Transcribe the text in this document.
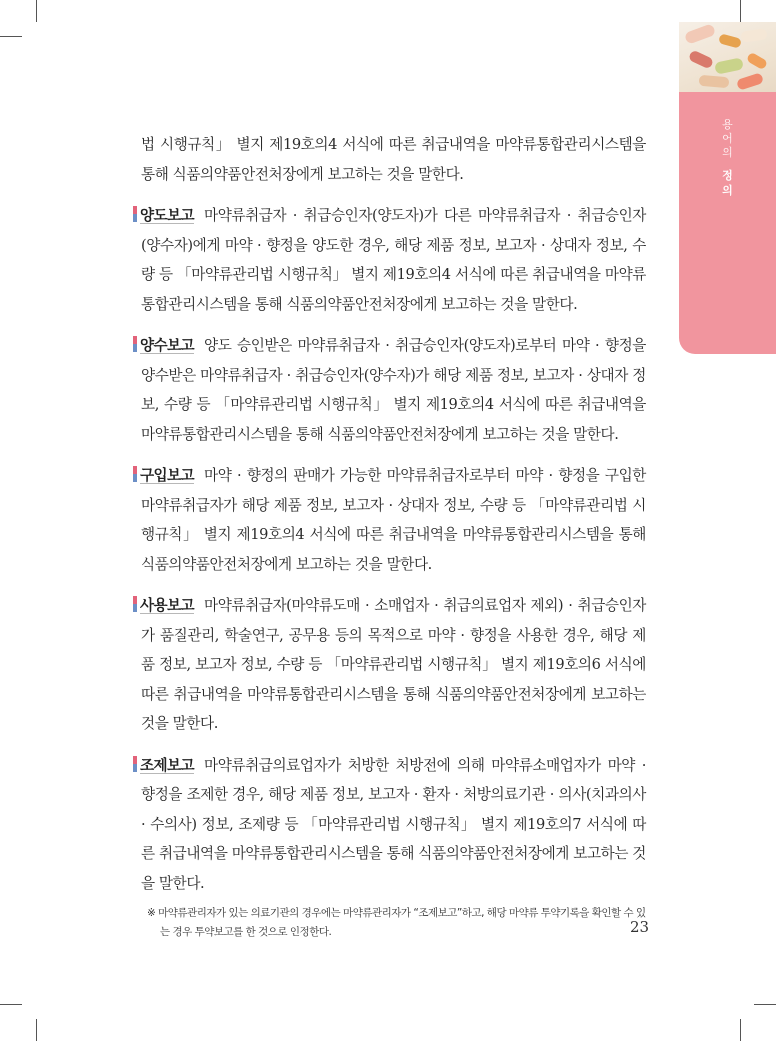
용
어
의
정
의

법 시행규칙」 별지 제19호의4 서식에 따른 취급내역을 마약류통합관리시스템을 통해 식품의약품안전처장에게 보고하는 것을 말한다.

양도보고 마약류취급자 · 취급승인자(양도자)가 다른 마약류취급자 · 취급승인자(양수자)에게 마약 · 향정을 양도한 경우, 해당 제품 정보, 보고자 · 상대자 정보, 수량 등 「마약류관리법 시행규칙」 별지 제19호의4 서식에 따른 취급내역을 마약류통합관리시스템을 통해 식품의약품안전처장에게 보고하는 것을 말한다.

양수보고 양도 승인받은 마약류취급자 · 취급승인자(양도자)로부터 마약 · 향정을 양수받은 마약류취급자 · 취급승인자(양수자)가 해당 제품 정보, 보고자 · 상대자 정보, 수량 등 「마약류관리법 시행규칙」 별지 제19호의4 서식에 따른 취급내역을 마약류통합관리시스템을 통해 식품의약품안전처장에게 보고하는 것을 말한다.

구입보고 마약 · 향정의 판매가 가능한 마약류취급자로부터 마약 · 향정을 구입한 마약류취급자가 해당 제품 정보, 보고자 · 상대자 정보, 수량 등 「마약류관리법 시행규칙」 별지 제19호의4 서식에 따른 취급내역을 마약류통합관리시스템을 통해 식품의약품안전처장에게 보고하는 것을 말한다.

사용보고 마약류취급자(마약류도매 · 소매업자 · 취급의료업자 제외) · 취급승인자가 품질관리, 학술연구, 공무용 등의 목적으로 마약 · 향정을 사용한 경우, 해당 제품 정보, 보고자 정보, 수량 등 「마약류관리법 시행규칙」 별지 제19호의6 서식에 따른 취급내역을 마약류통합관리시스템을 통해 식품의약품안전처장에게 보고하는 것을 말한다.

조제보고 마약류취급의료업자가 처방한 처방전에 의해 마약류소매업자가 마약 · 향정을 조제한 경우, 해당 제품 정보, 보고자 · 환자 · 처방의료기관 · 의사(치과의사 · 수의사) 정보, 조제량 등 「마약류관리법 시행규칙」 별지 제19호의7 서식에 따른 취급내역을 마약류통합관리시스템을 통해 식품의약품안전처장에게 보고하는 것을 말한다.

※ 마약류관리자가 있는 의료기관의 경우에는 마약류관리자가 “조제보고”하고, 해당 마약류 투약기록을 확인할 수 있는 경우 투약보고를 한 것으로 인정한다.	23
